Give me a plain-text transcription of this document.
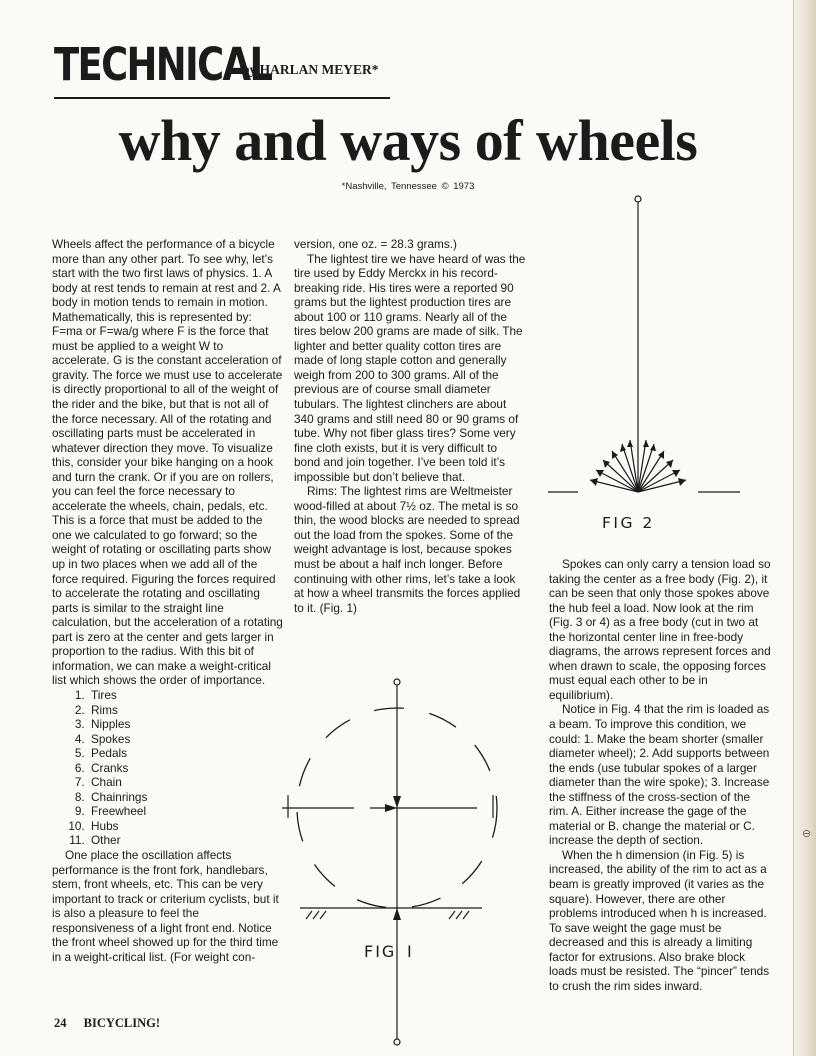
TECHNICAL
by HARLAN MEYER*
why and ways of wheels
*Nashville, Tennessee © 1973

Wheels affect the performance of a bicycle more than any other part. To see why, let’s start with the two first laws of physics. 1. A body at rest tends to remain at rest and 2. A body in motion tends to remain in motion. Mathematically, this is represented by: F=ma or F=wa/g where F is the force that must be applied to a weight W to accelerate. G is the constant acceleration of gravity. The force we must use to accelerate is directly proportional to all of the weight of the rider and the bike, but that is not all of the force necessary. All of the rotating and oscillating parts must be accelerated in whatever direction they move. To visualize this, consider your bike hanging on a hook and turn the crank. Or if you are on rollers, you can feel the force necessary to accelerate the wheels, chain, pedals, etc. This is a force that must be added to the one we calculated to go forward; so the weight of rotating or oscillating parts show up in two places when we add all of the force required. Figuring the forces required to accelerate the rotating and oscillating parts is similar to the straight line calculation, but the acceleration of a rotating part is zero at the center and gets larger in proportion to the radius. With this bit of information, we can make a weight-critical list which shows the order of importance.

1. Tires
2. Rims
3. Nipples
4. Spokes
5. Pedals
6. Cranks
7. Chain
8. Chainrings
9. Freewheel
10. Hubs
11. Other

One place the oscillation affects performance is the front fork, handlebars, stem, front wheels, etc. This can be very important to track or criterium cyclists, but it is also a pleasure to feel the responsiveness of a light front end. Notice the front wheel showed up for the third time in a weight-critical list. (For weight con-

version, one oz. = 28.3 grams.)

The lightest tire we have heard of was the tire used by Eddy Merckx in his record-breaking ride. His tires were a reported 90 grams but the lightest production tires are about 100 or 110 grams. Nearly all of the tires below 200 grams are made of silk. The lighter and better quality cotton tires are made of long staple cotton and generally weigh from 200 to 300 grams. All of the previous are of course small diameter tubulars. The lightest clinchers are about 340 grams and still need 80 or 90 grams of tube. Why not fiber glass tires? Some very fine cloth exists, but it is very difficult to bond and join together. I’ve been told it’s impossible but don’t believe that.

Rims: The lightest rims are Weltmeister wood-filled at about 7½ oz. The metal is so thin, the wood blocks are needed to spread out the load from the spokes. Some of the weight advantage is lost, because spokes must be about a half inch longer. Before continuing with other rims, let’s take a look at how a wheel transmits the forces applied to it. (Fig. 1)

Spokes can only carry a tension load so taking the center as a free body (Fig. 2), it can be seen that only those spokes above the hub feel a load. Now look at the rim (Fig. 3 or 4) as a free body (cut in two at the horizontal center line in free-body diagrams, the arrows represent forces and when drawn to scale, the opposing forces must equal each other to be in equilibrium).

Notice in Fig. 4 that the rim is loaded as a beam. To improve this condition, we could: 1. Make the beam shorter (smaller diameter wheel); 2. Add supports between the ends (use tubular spokes of a larger diameter than the wire spoke); 3. Increase the stiffness of the cross-section of the rim. A. Either increase the gage of the material or B. change the material or C. increase the depth of section.

When the h dimension (in Fig. 5) is increased, the ability of the rim to act as a beam is greatly improved (it varies as the square). However, there are other problems introduced when h is increased. To save weight the gage must be decreased and this is already a limiting factor for extrusions. Also brake block loads must be resisted. The “pincer” tends to crush the rim sides inward.

FIG I
FIG 2
⊖
24 BICYCLING!
